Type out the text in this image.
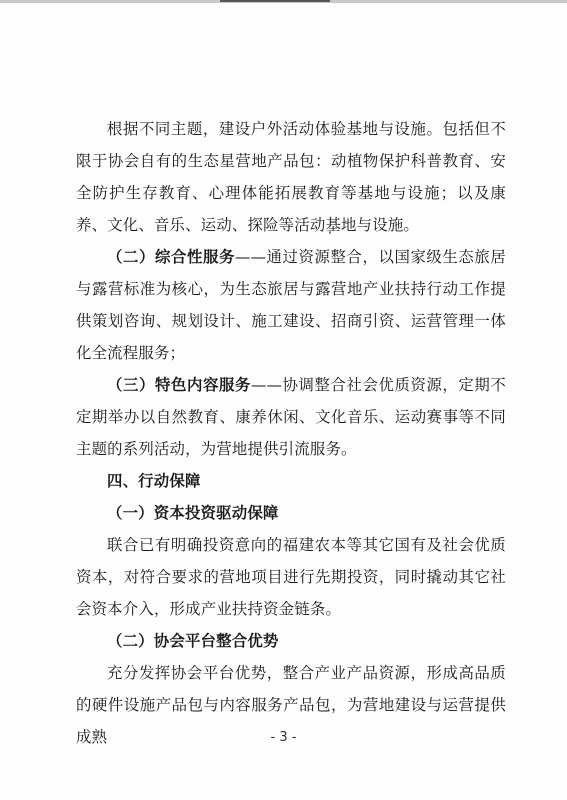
根据不同主题，建设户外活动体验基地与设施。包括但不限于协会自有的生态星营地产品包：动植物保护科普教育、安全防护生存教育、心理体能拓展教育等基地与设施；以及康养、文化、音乐、运动、探险等活动基地与设施。

（二）综合性服务——通过资源整合，以国家级生态旅居与露营标准为核心，为生态旅居与露营地产业扶持行动工作提供策划咨询、规划设计、施工建设、招商引资、运营管理一体化全流程服务；

（三）特色内容服务——协调整合社会优质资源，定期不定期举办以自然教育、康养休闲、文化音乐、运动赛事等不同主题的系列活动，为营地提供引流服务。

四、行动保障

（一）资本投资驱动保障

联合已有明确投资意向的福建农本等其它国有及社会优质资本，对符合要求的营地项目进行先期投资，同时撬动其它社会资本介入，形成产业扶持资金链条。

（二）协会平台整合优势

充分发挥协会平台优势，整合产业产品资源，形成高品质的硬件设施产品包与内容服务产品包，为营地建设与运营提供成熟	- 3 -
